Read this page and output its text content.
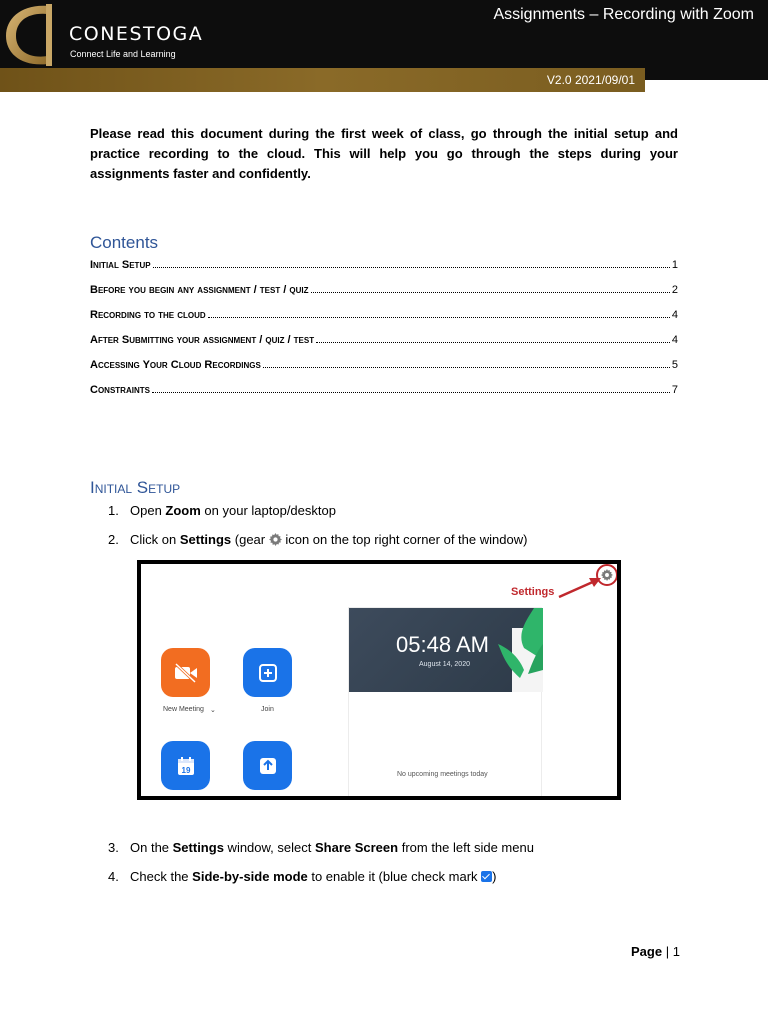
CONESTOGA
Connect Life and Learning
Assignments – Recording with Zoom
V2.0 2021/09/01

Please read this document during the first week of class, go through the initial setup and practice recording to the cloud. This will help you go through the steps during your assignments faster and confidently.

Contents
Initial Setup	1
Before you begin any assignment / test / quiz	2
Recording to the cloud	4
After Submitting your assignment / quiz / test	4
Accessing Your Cloud Recordings	5
Constraints	7
Initial Setup
1. Open Zoom on your laptop/desktop
2. Click on Settings (gear  icon on the top right corner of the window)
Settings
New Meeting ⌄	Join
19
05:48 AM
August 14, 2020
No upcoming meetings today
3. On the Settings window, select Share Screen from the left side menu
4. Check the Side-by-side mode to enable it (blue check mark )
Page | 1
